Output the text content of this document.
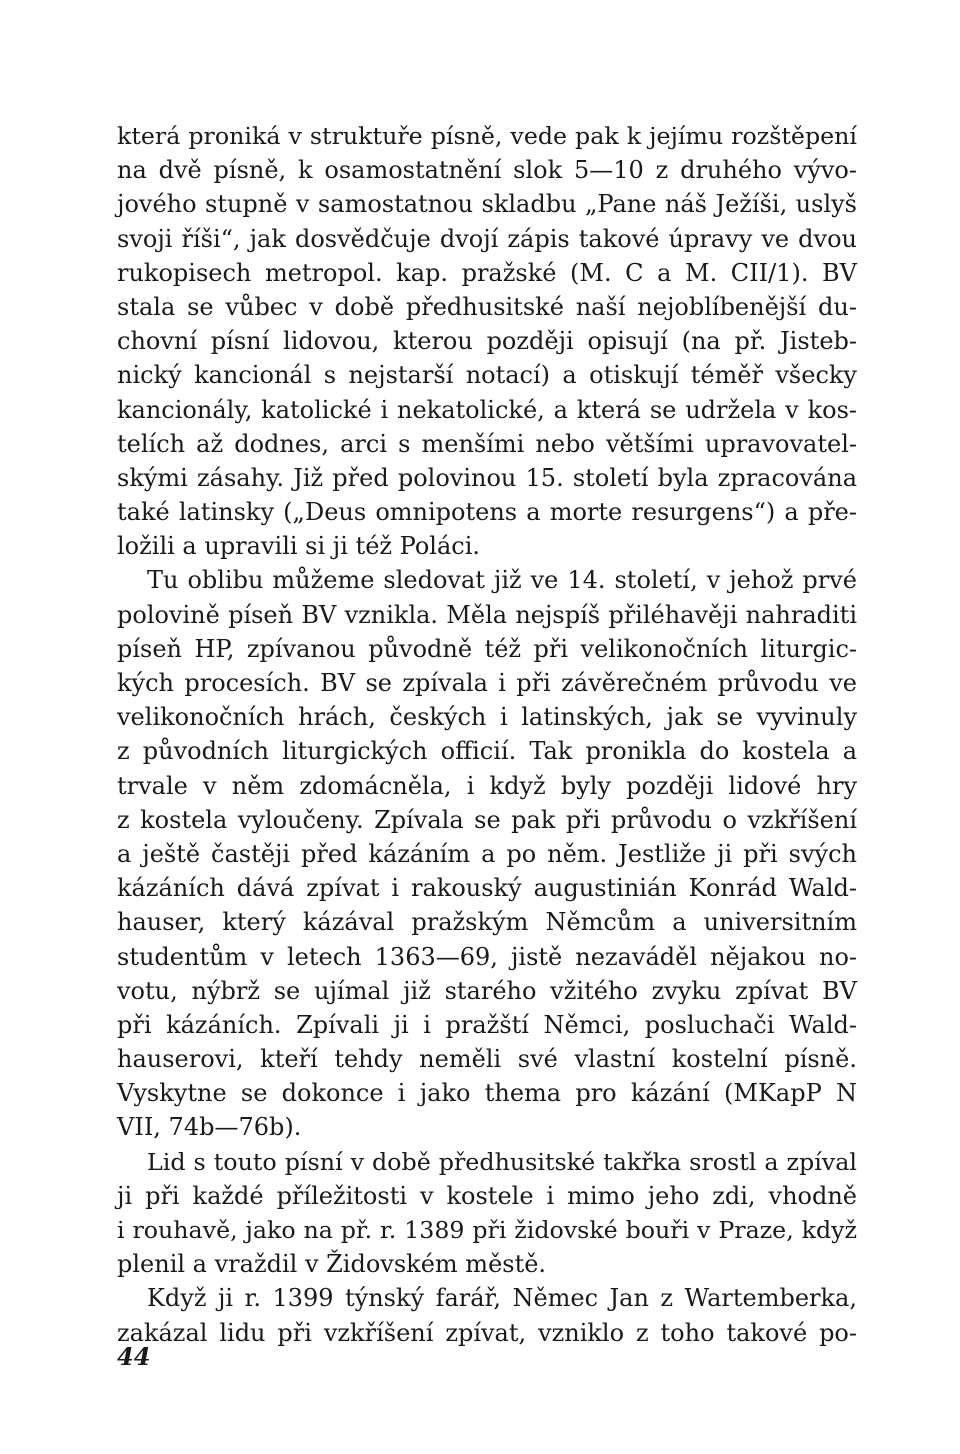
která proniká v struktuře písně, vede pak k jejímu rozštěpení
na dvě písně, k osamostatnění slok 5—10 z druhého vývo-
jového stupně v samostatnou skladbu „Pane náš Ježíši, uslyš
svoji říši“, jak dosvědčuje dvojí zápis takové úpravy ve dvou
rukopisech metropol. kap. pražské (M. C a M. CII/1). BV
stala se vůbec v době předhusitské naší nejoblíbenější du-
chovní písní lidovou, kterou později opisují (na př. Jisteb-
nický kancionál s nejstarší notací) a otiskují téměř všecky
kancionály, katolické i nekatolické, a která se udržela v kos-
telích až dodnes, arci s menšími nebo většími upravovatel-
skými zásahy. Již před polovinou 15. století byla zpracována
také latinsky („Deus omnipotens a morte resurgens“) a pře-
ložili a upravili si ji též Poláci.
Tu oblibu můžeme sledovat již ve 14. století, v jehož prvé
polovině píseň BV vznikla. Měla nejspíš přiléhavěji nahraditi
píseň HP, zpívanou původně též při velikonočních liturgic-
kých procesích. BV se zpívala i při závěrečném průvodu ve
velikonočních hrách, českých i latinských, jak se vyvinuly
z původních liturgických officií. Tak pronikla do kostela a
trvale v něm zdomácněla, i když byly později lidové hry
z kostela vyloučeny. Zpívala se pak při průvodu o vzkříšení
a ještě častěji před kázáním a po něm. Jestliže ji při svých
kázáních dává zpívat i rakouský augustinián Konrád Wald-
hauser, který kázával pražským Němcům a universitním
studentům v letech 1363—69, jistě nezaváděl nějakou no-
votu, nýbrž se ujímal již starého vžitého zvyku zpívat BV
při kázáních. Zpívali ji i pražští Němci, posluchači Wald-
hauserovi, kteří tehdy neměli své vlastní kostelní písně.
Vyskytne se dokonce i jako thema pro kázání (MKapP N
VII, 74b—76b).
Lid s touto písní v době předhusitské takřka srostl a zpíval
ji při každé příležitosti v kostele i mimo jeho zdi, vhodně
i rouhavě, jako na př. r. 1389 při židovské bouři v Praze, když
plenil a vraždil v Židovském městě.
Když ji r. 1399 týnský farář, Němec Jan z Wartemberka,
zakázal lidu při vzkříšení zpívat, vzniklo z toho takové po-
44
